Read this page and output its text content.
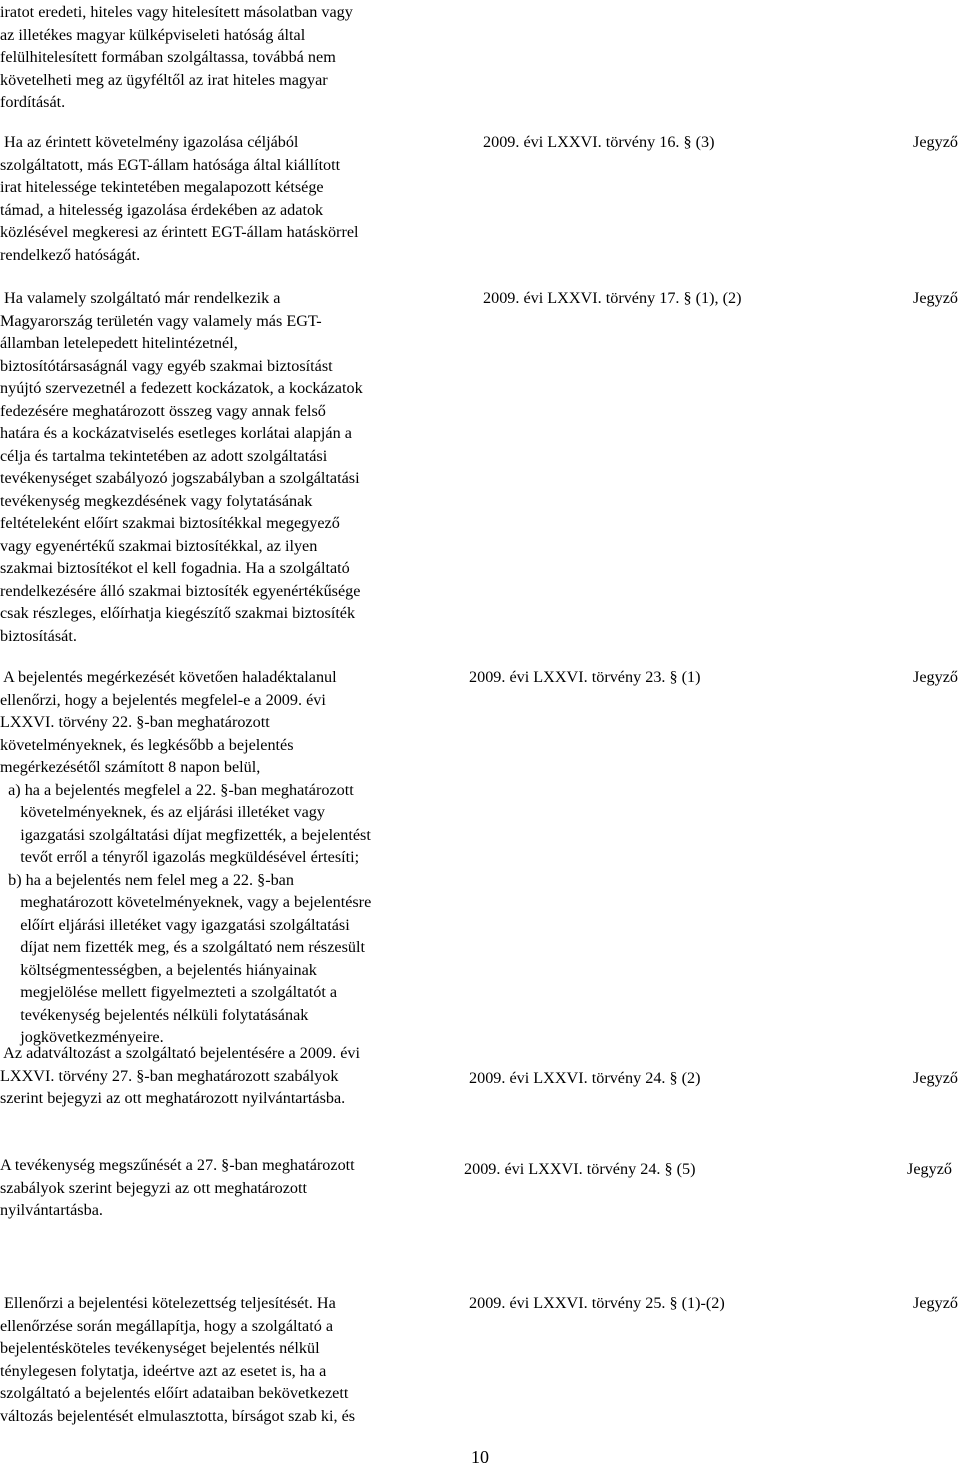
iratot eredeti, hiteles vagy hitelesített másolatban vagy
az illetékes magyar külképviseleti hatóság által
felülhitelesített formában szolgáltassa, továbbá nem
követelheti meg az ügyféltől az irat hiteles magyar
fordítását.
Ha az érintett követelmény igazolása céljából
szolgáltatott, más EGT-állam hatósága által kiállított
irat hitelessége tekintetében megalapozott kétsége
támad, a hitelesség igazolása érdekében az adatok
közlésével megkeresi az érintett EGT-állam hatáskörrel
rendelkező hatóságát.
2009. évi LXXVI. törvény 16. § (3)	Jegyző
Ha valamely szolgáltató már rendelkezik a
Magyarország területén vagy valamely más EGT-
államban letelepedett hitelintézetnél,
biztosítótársaságnál vagy egyéb szakmai biztosítást
nyújtó szervezetnél a fedezett kockázatok, a kockázatok
fedezésére meghatározott összeg vagy annak felső
határa és a kockázatviselés esetleges korlátai alapján a
célja és tartalma tekintetében az adott szolgáltatási
tevékenységet szabályozó jogszabályban a szolgáltatási
tevékenység megkezdésének vagy folytatásának
feltételeként előírt szakmai biztosítékkal megegyező
vagy egyenértékű szakmai biztosítékkal, az ilyen
szakmai biztosítékot el kell fogadnia. Ha a szolgáltató
rendelkezésére álló szakmai biztosíték egyenértékűsége
csak részleges, előírhatja kiegészítő szakmai biztosíték
biztosítását.
2009. évi LXXVI. törvény 17. § (1), (2)	Jegyző
A bejelentés megérkezését követően haladéktalanul
ellenőrzi, hogy a bejelentés megfelel-e a 2009. évi
LXXVI. törvény 22. §-ban meghatározott
követelményeknek, és legkésőbb a bejelentés
megérkezésétől számított 8 napon belül,
a) ha a bejelentés megfelel a 22. §-ban meghatározott
követelményeknek, és az eljárási illetéket vagy
igazgatási szolgáltatási díjat megfizették, a bejelentést
tevőt erről a tényről igazolás megküldésével értesíti;
b) ha a bejelentés nem felel meg a 22. §-ban
meghatározott követelményeknek, vagy a bejelentésre
előírt eljárási illetéket vagy igazgatási szolgáltatási
díjat nem fizették meg, és a szolgáltató nem részesült
költségmentességben, a bejelentés hiányainak
megjelölése mellett figyelmezteti a szolgáltatót a
tevékenység bejelentés nélküli folytatásának
jogkövetkezményeire.
2009. évi LXXVI. törvény 23. § (1)	Jegyző
Az adatváltozást a szolgáltató bejelentésére a 2009. évi
LXXVI. törvény 27. §-ban meghatározott szabályok
szerint bejegyzi az ott meghatározott nyilvántartásba.
2009. évi LXXVI. törvény 24. § (2)	Jegyző
A tevékenység megszűnését a 27. §-ban meghatározott
szabályok szerint bejegyzi az ott meghatározott
nyilvántartásba.
2009. évi LXXVI. törvény 24. § (5)	Jegyző
Ellenőrzi a bejelentési kötelezettség teljesítését. Ha
ellenőrzése során megállapítja, hogy a szolgáltató a
bejelentésköteles tevékenységet bejelentés nélkül
ténylegesen folytatja, ideértve azt az esetet is, ha a
szolgáltató a bejelentés előírt adataiban bekövetkezett
változás bejelentését elmulasztotta, bírságot szab ki, és
2009. évi LXXVI. törvény 25. § (1)-(2)	Jegyző
10
